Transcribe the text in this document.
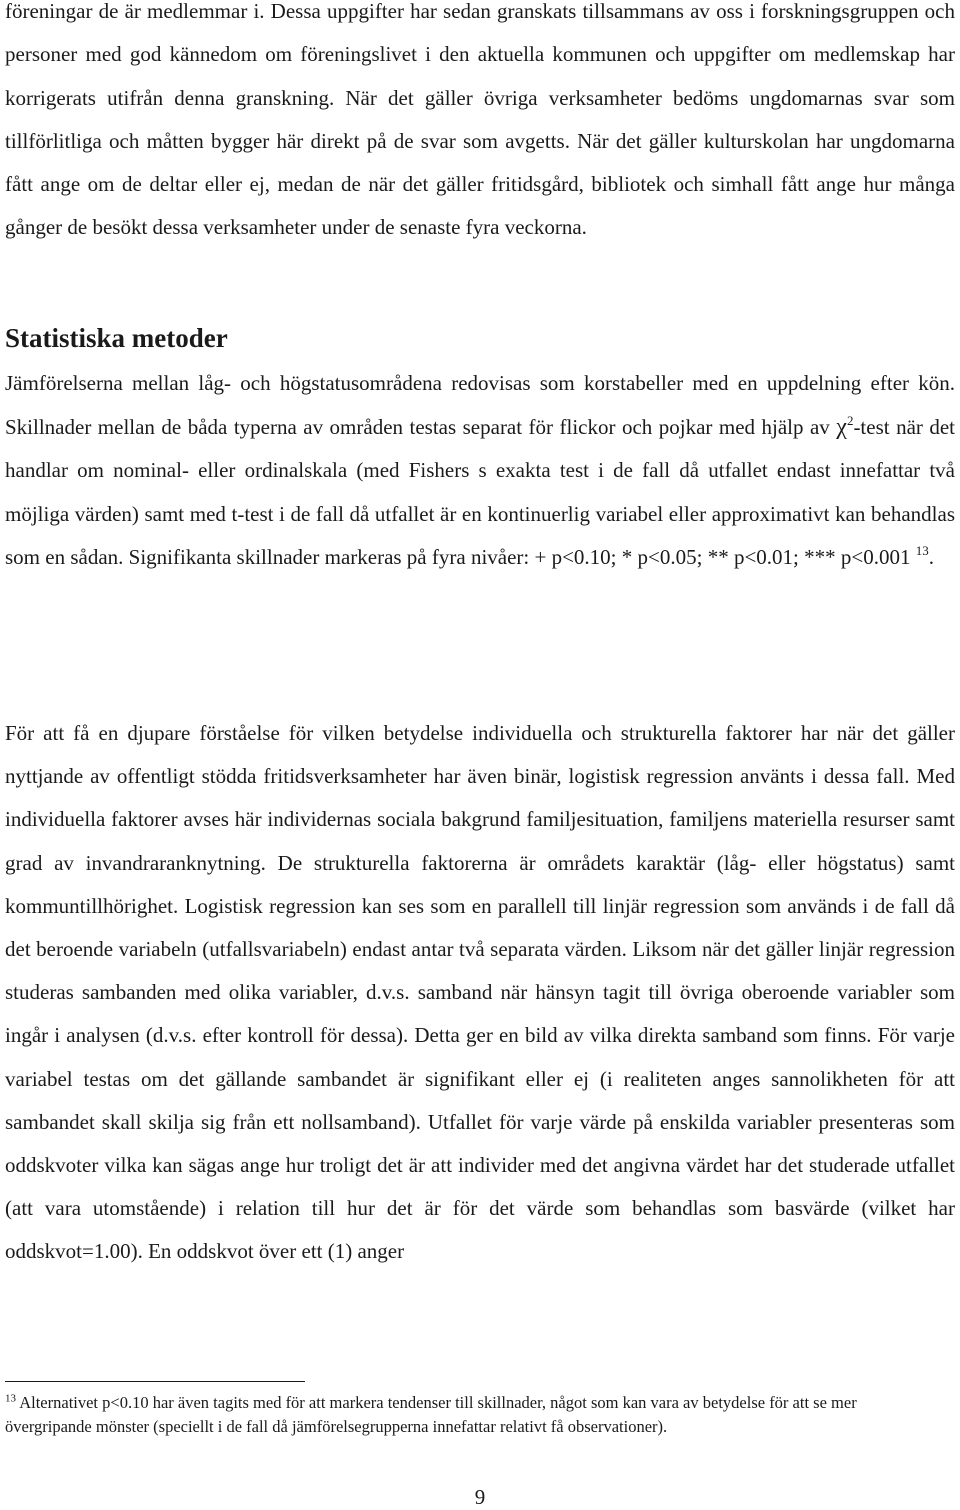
föreningar de är medlemmar i. Dessa uppgifter har sedan granskats tillsammans av oss i forskningsgruppen och personer med god kännedom om föreningslivet i den aktuella kommunen och uppgifter om medlemskap har korrigerats utifrån denna granskning. När det gäller övriga verksamheter bedöms ungdomarnas svar som tillförlitliga och måtten bygger här direkt på de svar som avgetts. När det gäller kulturskolan har ungdomarna fått ange om de deltar eller ej, medan de när det gäller fritidsgård, bibliotek och simhall fått ange hur många gånger de besökt dessa verksamheter under de senaste fyra veckorna.

Statistiska metoder

Jämförelserna mellan låg- och högstatusområdena redovisas som korstabeller med en uppdelning efter kön. Skillnader mellan de båda typerna av områden testas separat för flickor och pojkar med hjälp av $\chi^2$-test när det handlar om nominal- eller ordinalskala (med Fishers s exakta test i de fall då utfallet endast innefattar två möjliga värden) samt med t-test i de fall då utfallet är en kontinuerlig variabel eller approximativt kan behandlas som en sådan. Signifikanta skillnader markeras på fyra nivåer: + p<0.10; * p<0.05; ** p<0.01; *** p<0.001 $^{13}$.

För att få en djupare förståelse för vilken betydelse individuella och strukturella faktorer har när det gäller nyttjande av offentligt stödda fritidsverksamheter har även binär, logistisk regression använts i dessa fall. Med individuella faktorer avses här individernas sociala bakgrund familjesituation, familjens materiella resurser samt grad av invandraranknytning. De strukturella faktorerna är områdets karaktär (låg- eller högstatus) samt kommuntillhörighet. Logistisk regression kan ses som en parallell till linjär regression som används i de fall då det beroende variabeln (utfallsvariabeln) endast antar två separata värden. Liksom när det gäller linjär regression studeras sambanden med olika variabler, d.v.s. samband när hänsyn tagit till övriga oberoende variabler som ingår i analysen (d.v.s. efter kontroll för dessa). Detta ger en bild av vilka direkta samband som finns. För varje variabel testas om det gällande sambandet är signifikant eller ej (i realiteten anges sannolikheten för att sambandet skall skilja sig från ett nollsamband). Utfallet för varje värde på enskilda variabler presenteras som oddskvoter vilka kan sägas ange hur troligt det är att individer med det angivna värdet har det studerade utfallet (att vara utomstående) i relation till hur det är för det värde som behandlas som basvärde (vilket har oddskvot=1.00). En oddskvot över ett (1) anger

$^{13}$ Alternativet p<0.10 har även tagits med för att markera tendenser till skillnader, något som kan vara av betydelse för att se mer övergripande mönster (speciellt i de fall då jämförelsegrupperna innefattar relativt få observationer).

9
